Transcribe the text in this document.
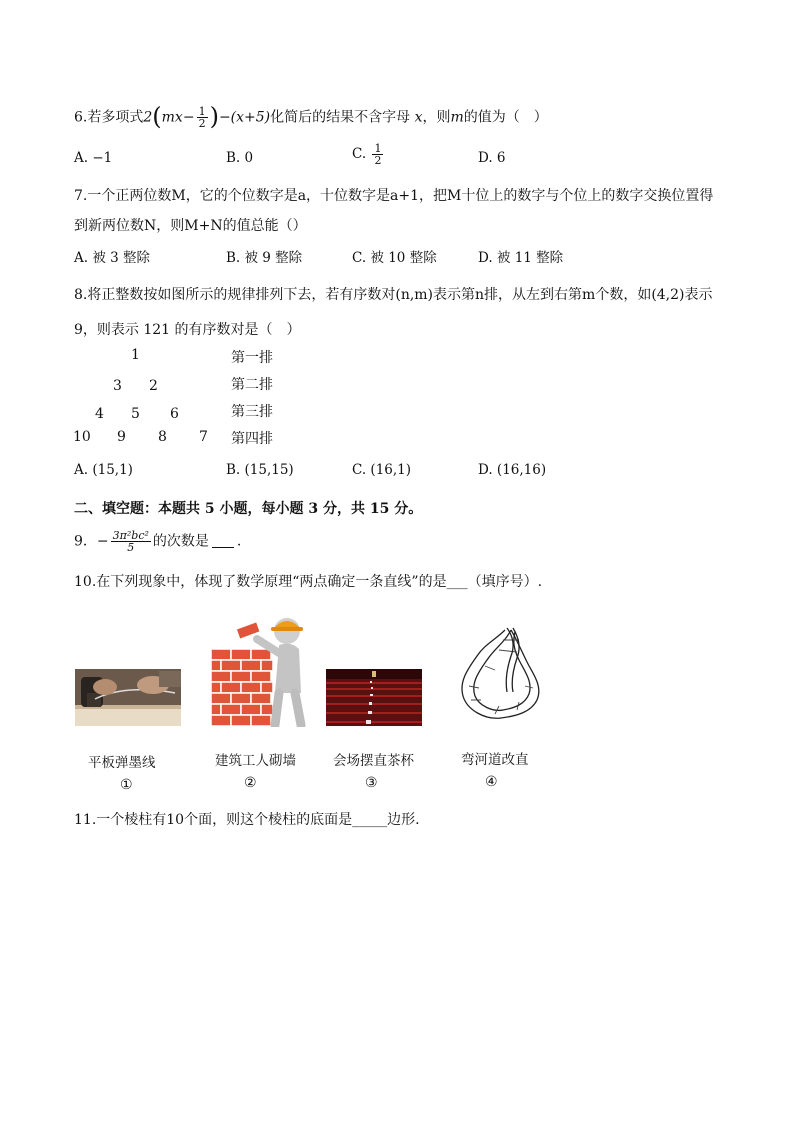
6.若多项式$2(mx- \frac{1}{2} )-(x+5)$化简后的结果不含字母 x，则m的值为（　）
A. −1	B. 0	C. $\frac{1}{2}$	D. 6
7.一个正两位数M，它的个位数字是a，十位数字是a+1，把M十位上的数字与个位上的数字交换位置得
到新两位数N，则M+N的值总能（）
A. 被 3 整除	B. 被 9 整除	C. 被 10 整除	D. 被 11 整除
8.将正整数按如图所示的规律排列下去，若有序数对(n,m)表示第n排，从左到右第m个数，如(4,2)表示
9，则表示 121 的有序数对是（　）
1
3 2
4 5 6
10 9 8 7
第一排
第二排
第三排
第四排
A. (15,1)	B. (15,15)	C. (16,1)	D. (16,16)
二、填空题：本题共 5 小题，每小题 3 分，共 15 分。
9．− $\frac{\text{3π²bc²}}{5}$ 的次数是 .
10.在下列现象中，体现了数学原理“两点确定一条直线”的是___（填序号）.
平板弹墨线	建筑工人砌墙	会场摆直茶杯	弯河道改直
①	②	③	④
11.一个棱柱有10个面，则这个棱柱的底面是_____边形.
